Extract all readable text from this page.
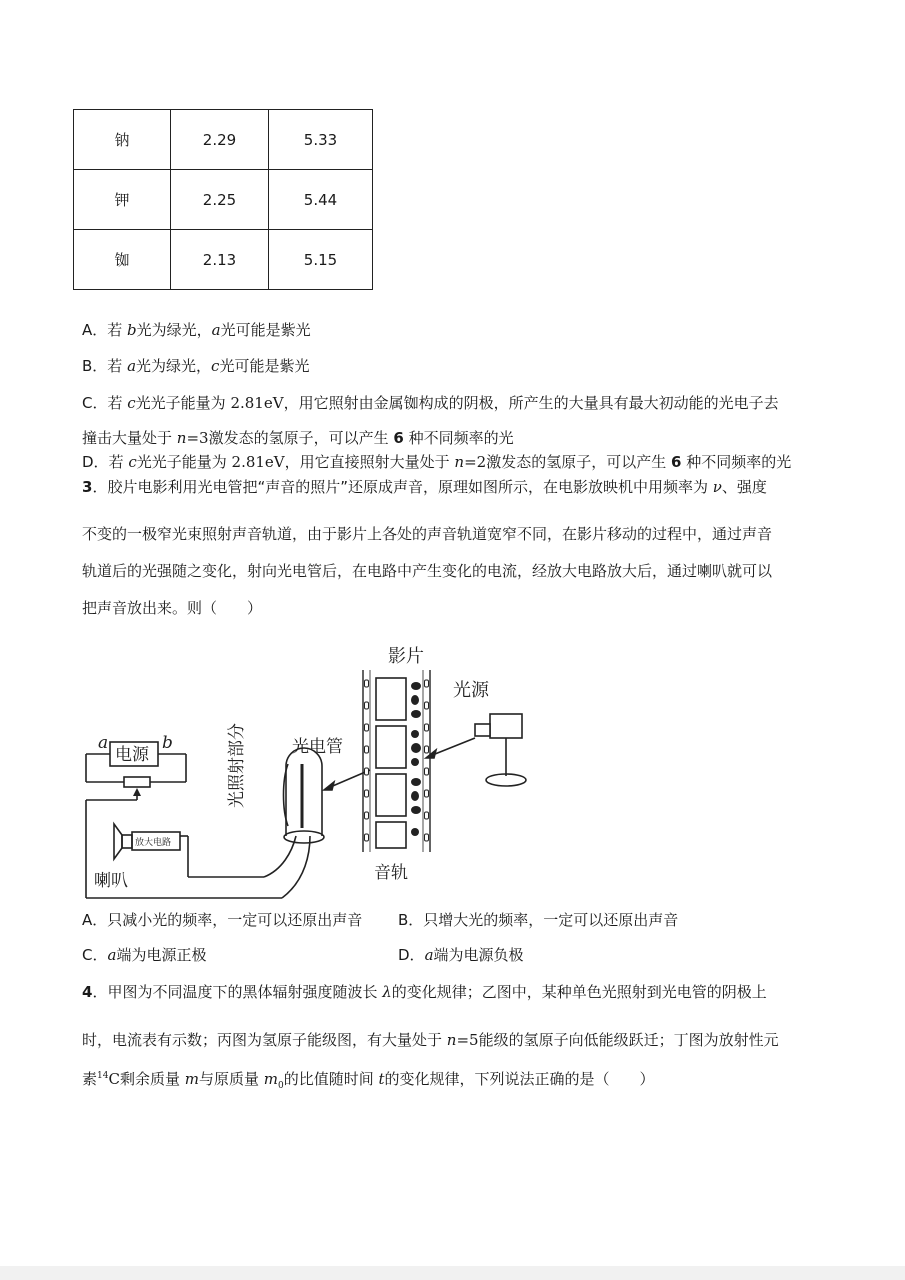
钠	2.29	5.33
钾	2.25	5.44
铷	2.13	5.15
A．若 b光为绿光，a光可能是紫光
B．若 a光为绿光，c光可能是紫光
C．若 c光光子能量为 2.81eV，用它照射由金属铷构成的阴极，所产生的大量具有最大初动能的光电子去
撞击大量处于 n=3激发态的氢原子，可以产生 6 种不同频率的光
D．若 c光光子能量为 2.81eV，用它直接照射大量处于 n=2激发态的氢原子，可以产生 6 种不同频率的光
3．胶片电影利用光电管把“声音的照片”还原成声音，原理如图所示，在电影放映机中用频率为 ν、强度
不变的一极窄光束照射声音轨道，由于影片上各处的声音轨道宽窄不同，在影片移动的过程中，通过声音
轨道后的光强随之变化，射向光电管后，在电路中产生变化的电流，经放大电路放大后，通过喇叭就可以
把声音放出来。则（　　）
影片
光源
a	b
电源	光电管
光照射部分
放大电路
喇叭	音轨
A．只减小光的频率，一定可以还原出声音 B．只增大光的频率，一定可以还原出声音
C．a端为电源正极	D．a端为电源负极
4．甲图为不同温度下的黑体辐射强度随波长 λ的变化规律；乙图中，某种单色光照射到光电管的阴极上
时，电流表有示数；丙图为氢原子能级图，有大量处于 n=5能级的氢原子向低能级跃迁；丁图为放射性元
素$^{14}$C剩余质量 m与原质量 $m_0$的比值随时间 t的变化规律，下列说法正确的是（　　）
